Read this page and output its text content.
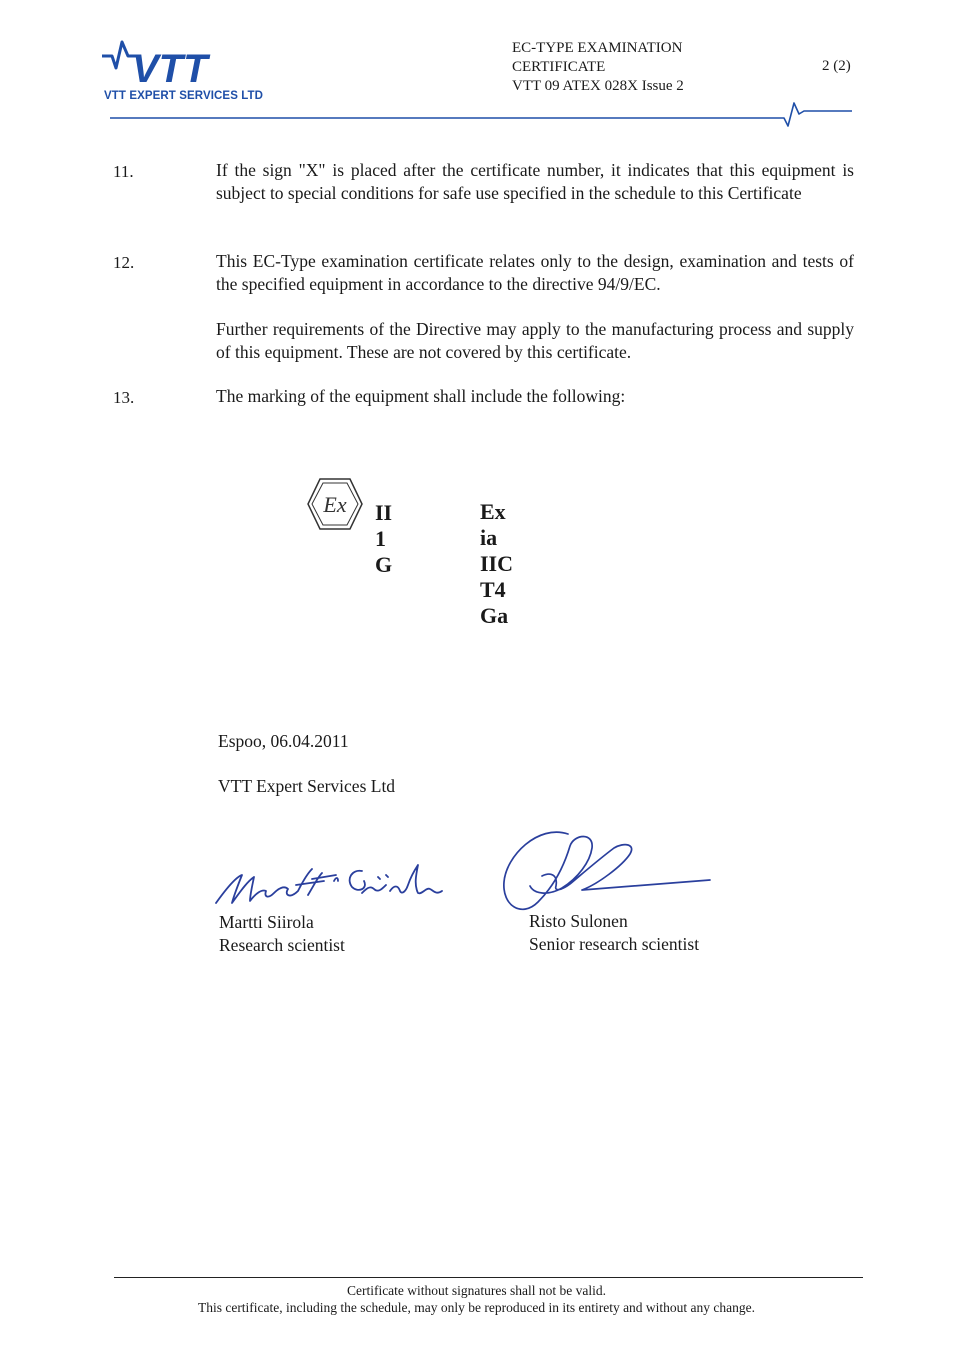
VTT
VTT EXPERT SERVICES LTD
EC-TYPE EXAMINATION
CERTIFICATE
VTT 09 ATEX 028X Issue 2
2 (2)
11.	If the sign "X" is placed after the certificate number, it indicates that this equipment is subject to special conditions for safe use specified in the schedule to this Certificate
12.	This EC-Type examination certificate relates only to the design, examination and tests of the specified equipment in accordance to the directive 94/9/EC.
Further requirements of the Directive may apply to the manufacturing process and supply of this equipment. These are not covered by this certificate.
13.	The marking of the equipment shall include the following:
Ex II 1 G
Ex ia IIC T4 Ga
Espoo, 06.04.2011
VTT Expert Services Ltd
Martti Siirola
Research scientist
Risto Sulonen
Senior research scientist
Certificate without signatures shall not be valid.
This certificate, including the schedule, may only be reproduced in its entirety and without any change.
